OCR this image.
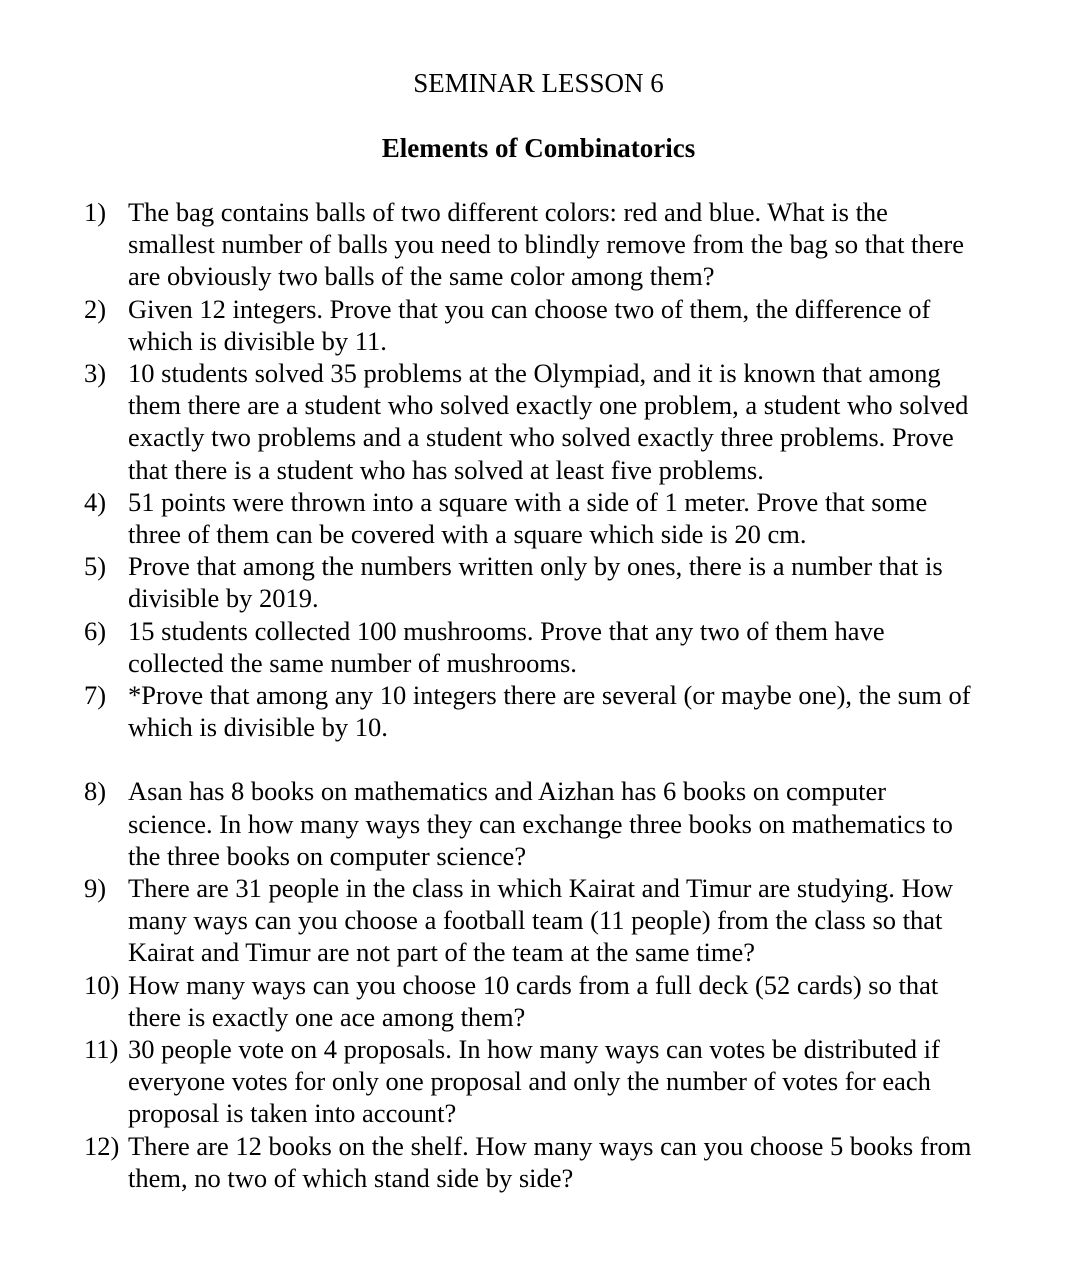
SEMINAR LESSON 6
Elements of Combinatorics
1) The bag contains balls of two different colors: red and blue. What is the
smallest number of balls you need to blindly remove from the bag so that there
are obviously two balls of the same color among them?
2) Given 12 integers. Prove that you can choose two of them, the difference of
which is divisible by 11.
3) 10 students solved 35 problems at the Olympiad, and it is known that among
them there are a student who solved exactly one problem, a student who solved
exactly two problems and a student who solved exactly three problems. Prove
that there is a student who has solved at least five problems.
4) 51 points were thrown into a square with a side of 1 meter. Prove that some
three of them can be covered with a square which side is 20 cm.
5) Prove that among the numbers written only by ones, there is a number that is
divisible by 2019.
6) 15 students collected 100 mushrooms. Prove that any two of them have
collected the same number of mushrooms.
7) *Prove that among any 10 integers there are several (or maybe one), the sum of
which is divisible by 10.
8) Asan has 8 books on mathematics and Aizhan has 6 books on computer
science. In how many ways they can exchange three books on mathematics to
the three books on computer science?
9) There are 31 people in the class in which Kairat and Timur are studying. How
many ways can you choose a football team (11 people) from the class so that
Kairat and Timur are not part of the team at the same time?
10) How many ways can you choose 10 cards from a full deck (52 cards) so that
there is exactly one ace among them?
11) 30 people vote on 4 proposals. In how many ways can votes be distributed if
everyone votes for only one proposal and only the number of votes for each
proposal is taken into account?
12) There are 12 books on the shelf. How many ways can you choose 5 books from
them, no two of which stand side by side?
